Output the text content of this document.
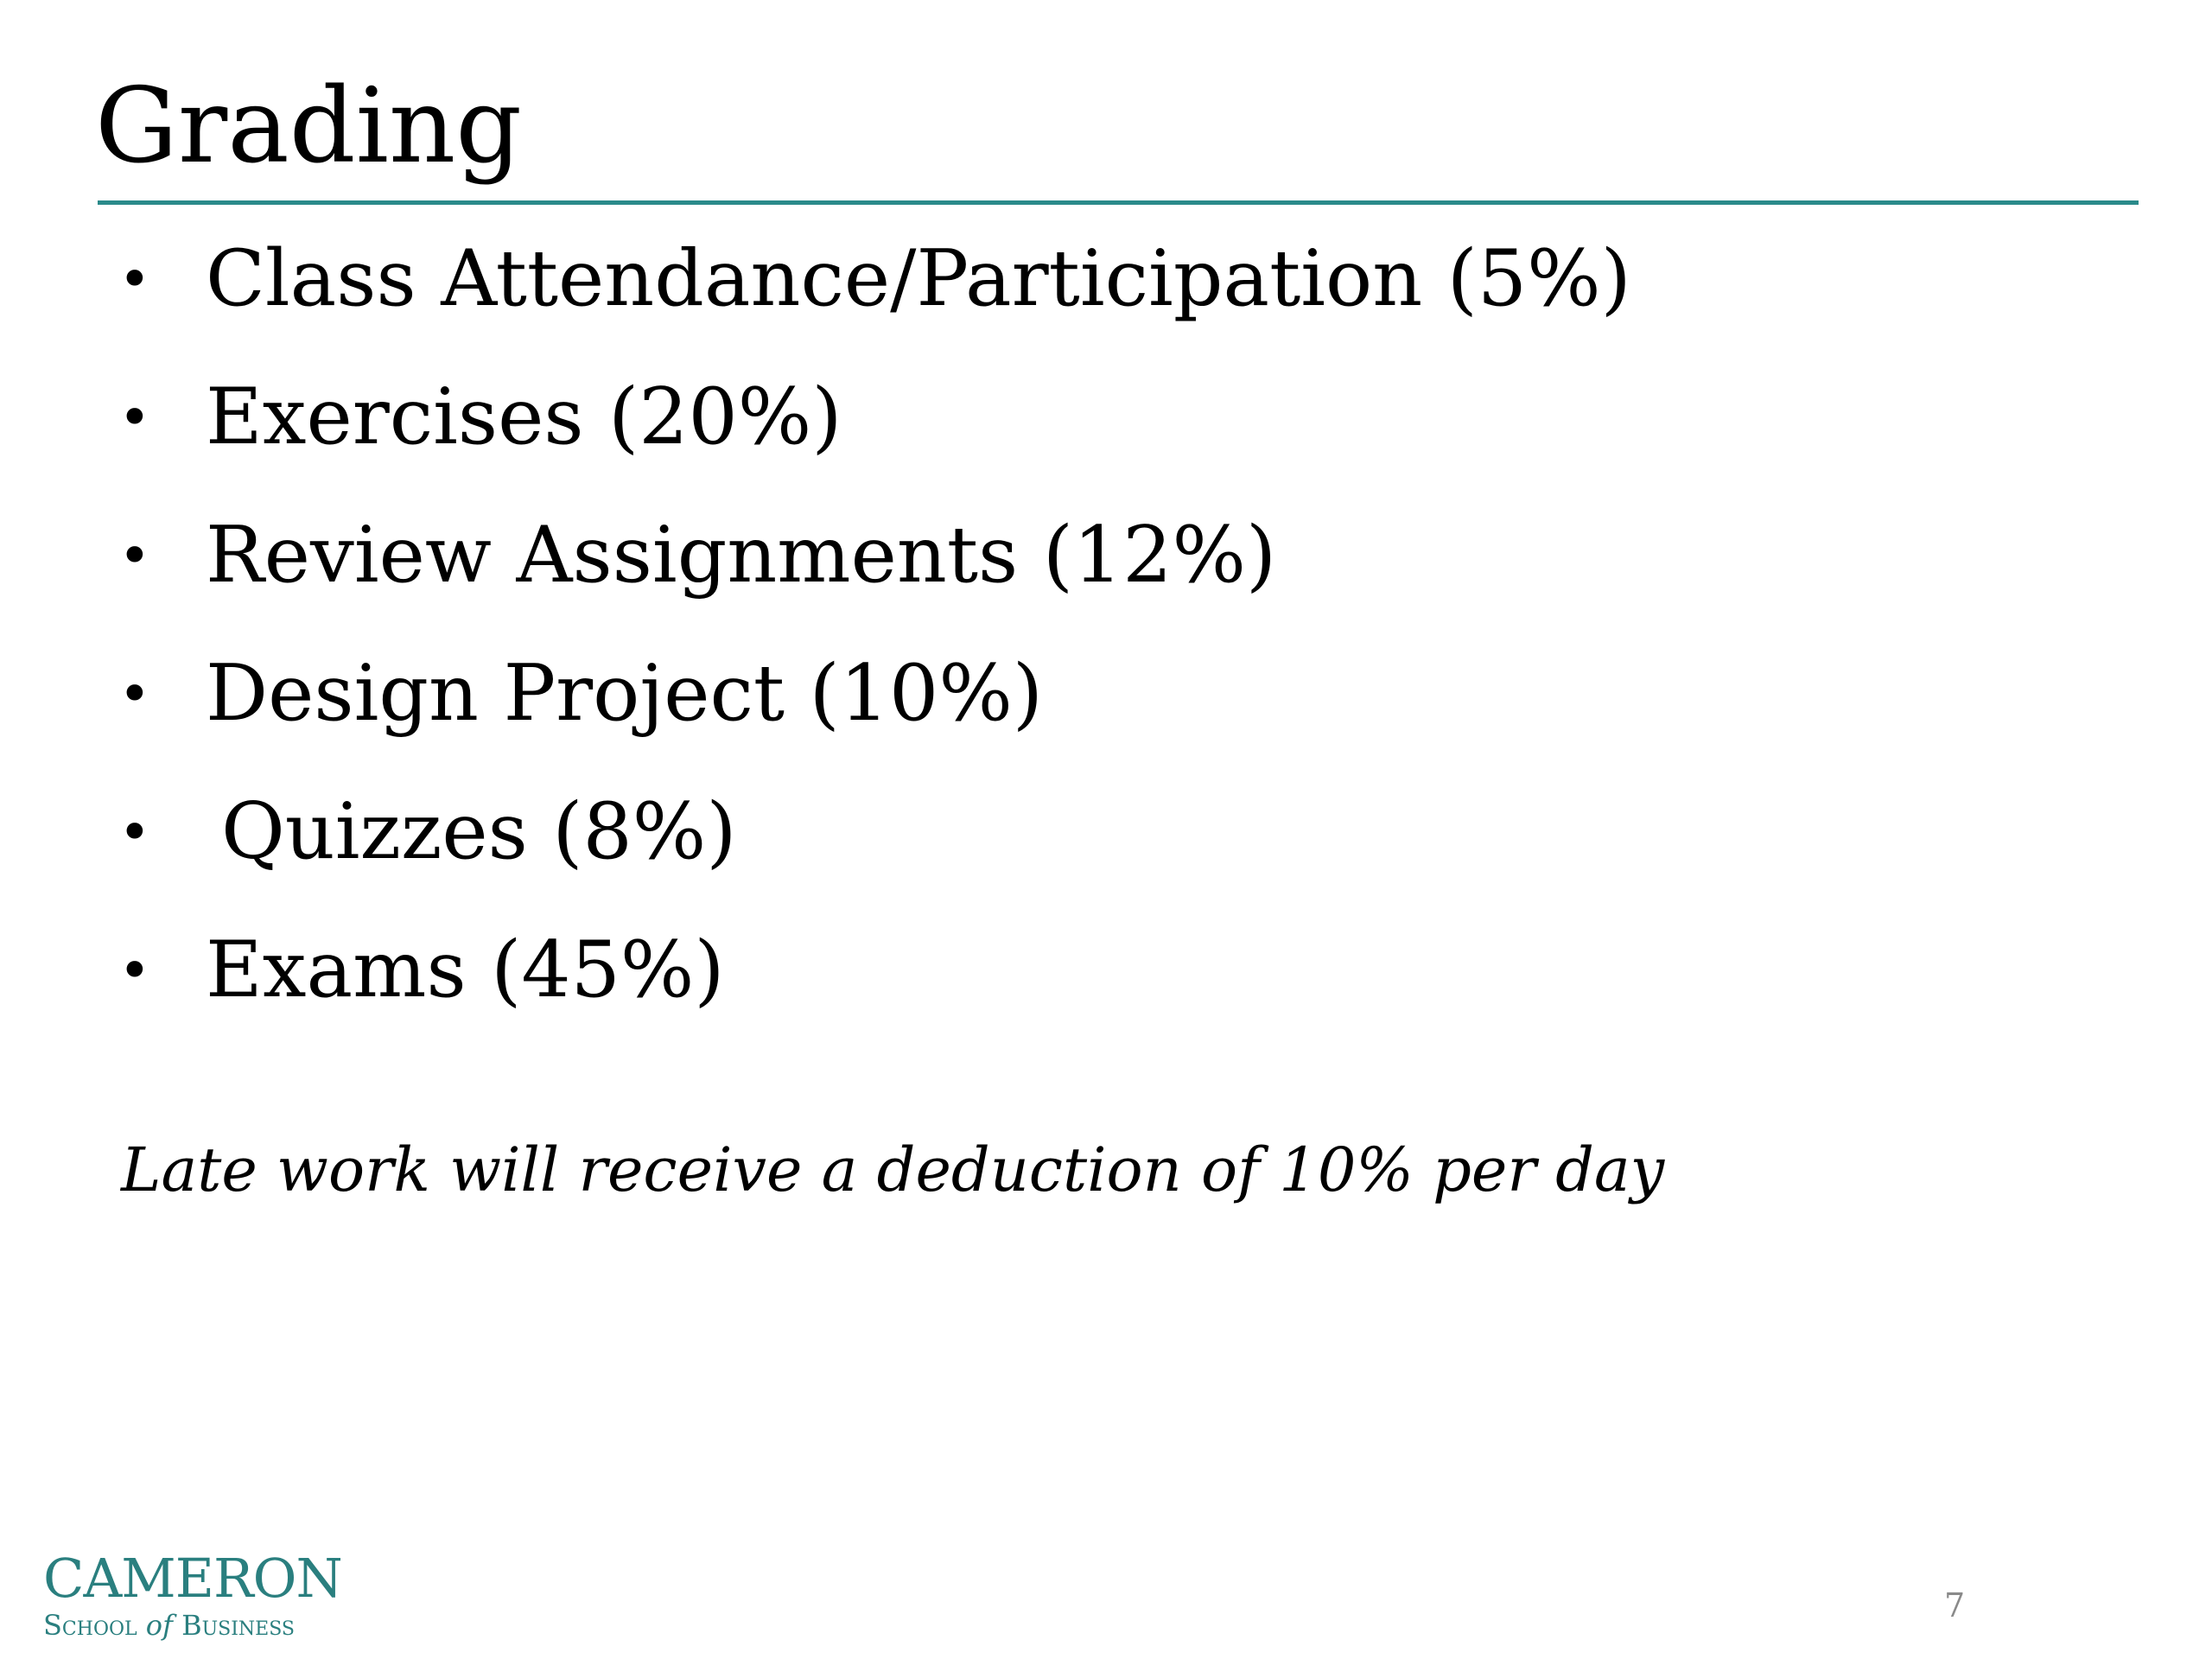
Grading
• Class Attendance/Participation (5%)
• Exercises (20%)
• Review Assignments (12%)
• Design Project (10%)
• Quizzes (8%)
• Exams (45%)
Late work will receive a deduction of 10% per day
CAMERON
School of Business
7
